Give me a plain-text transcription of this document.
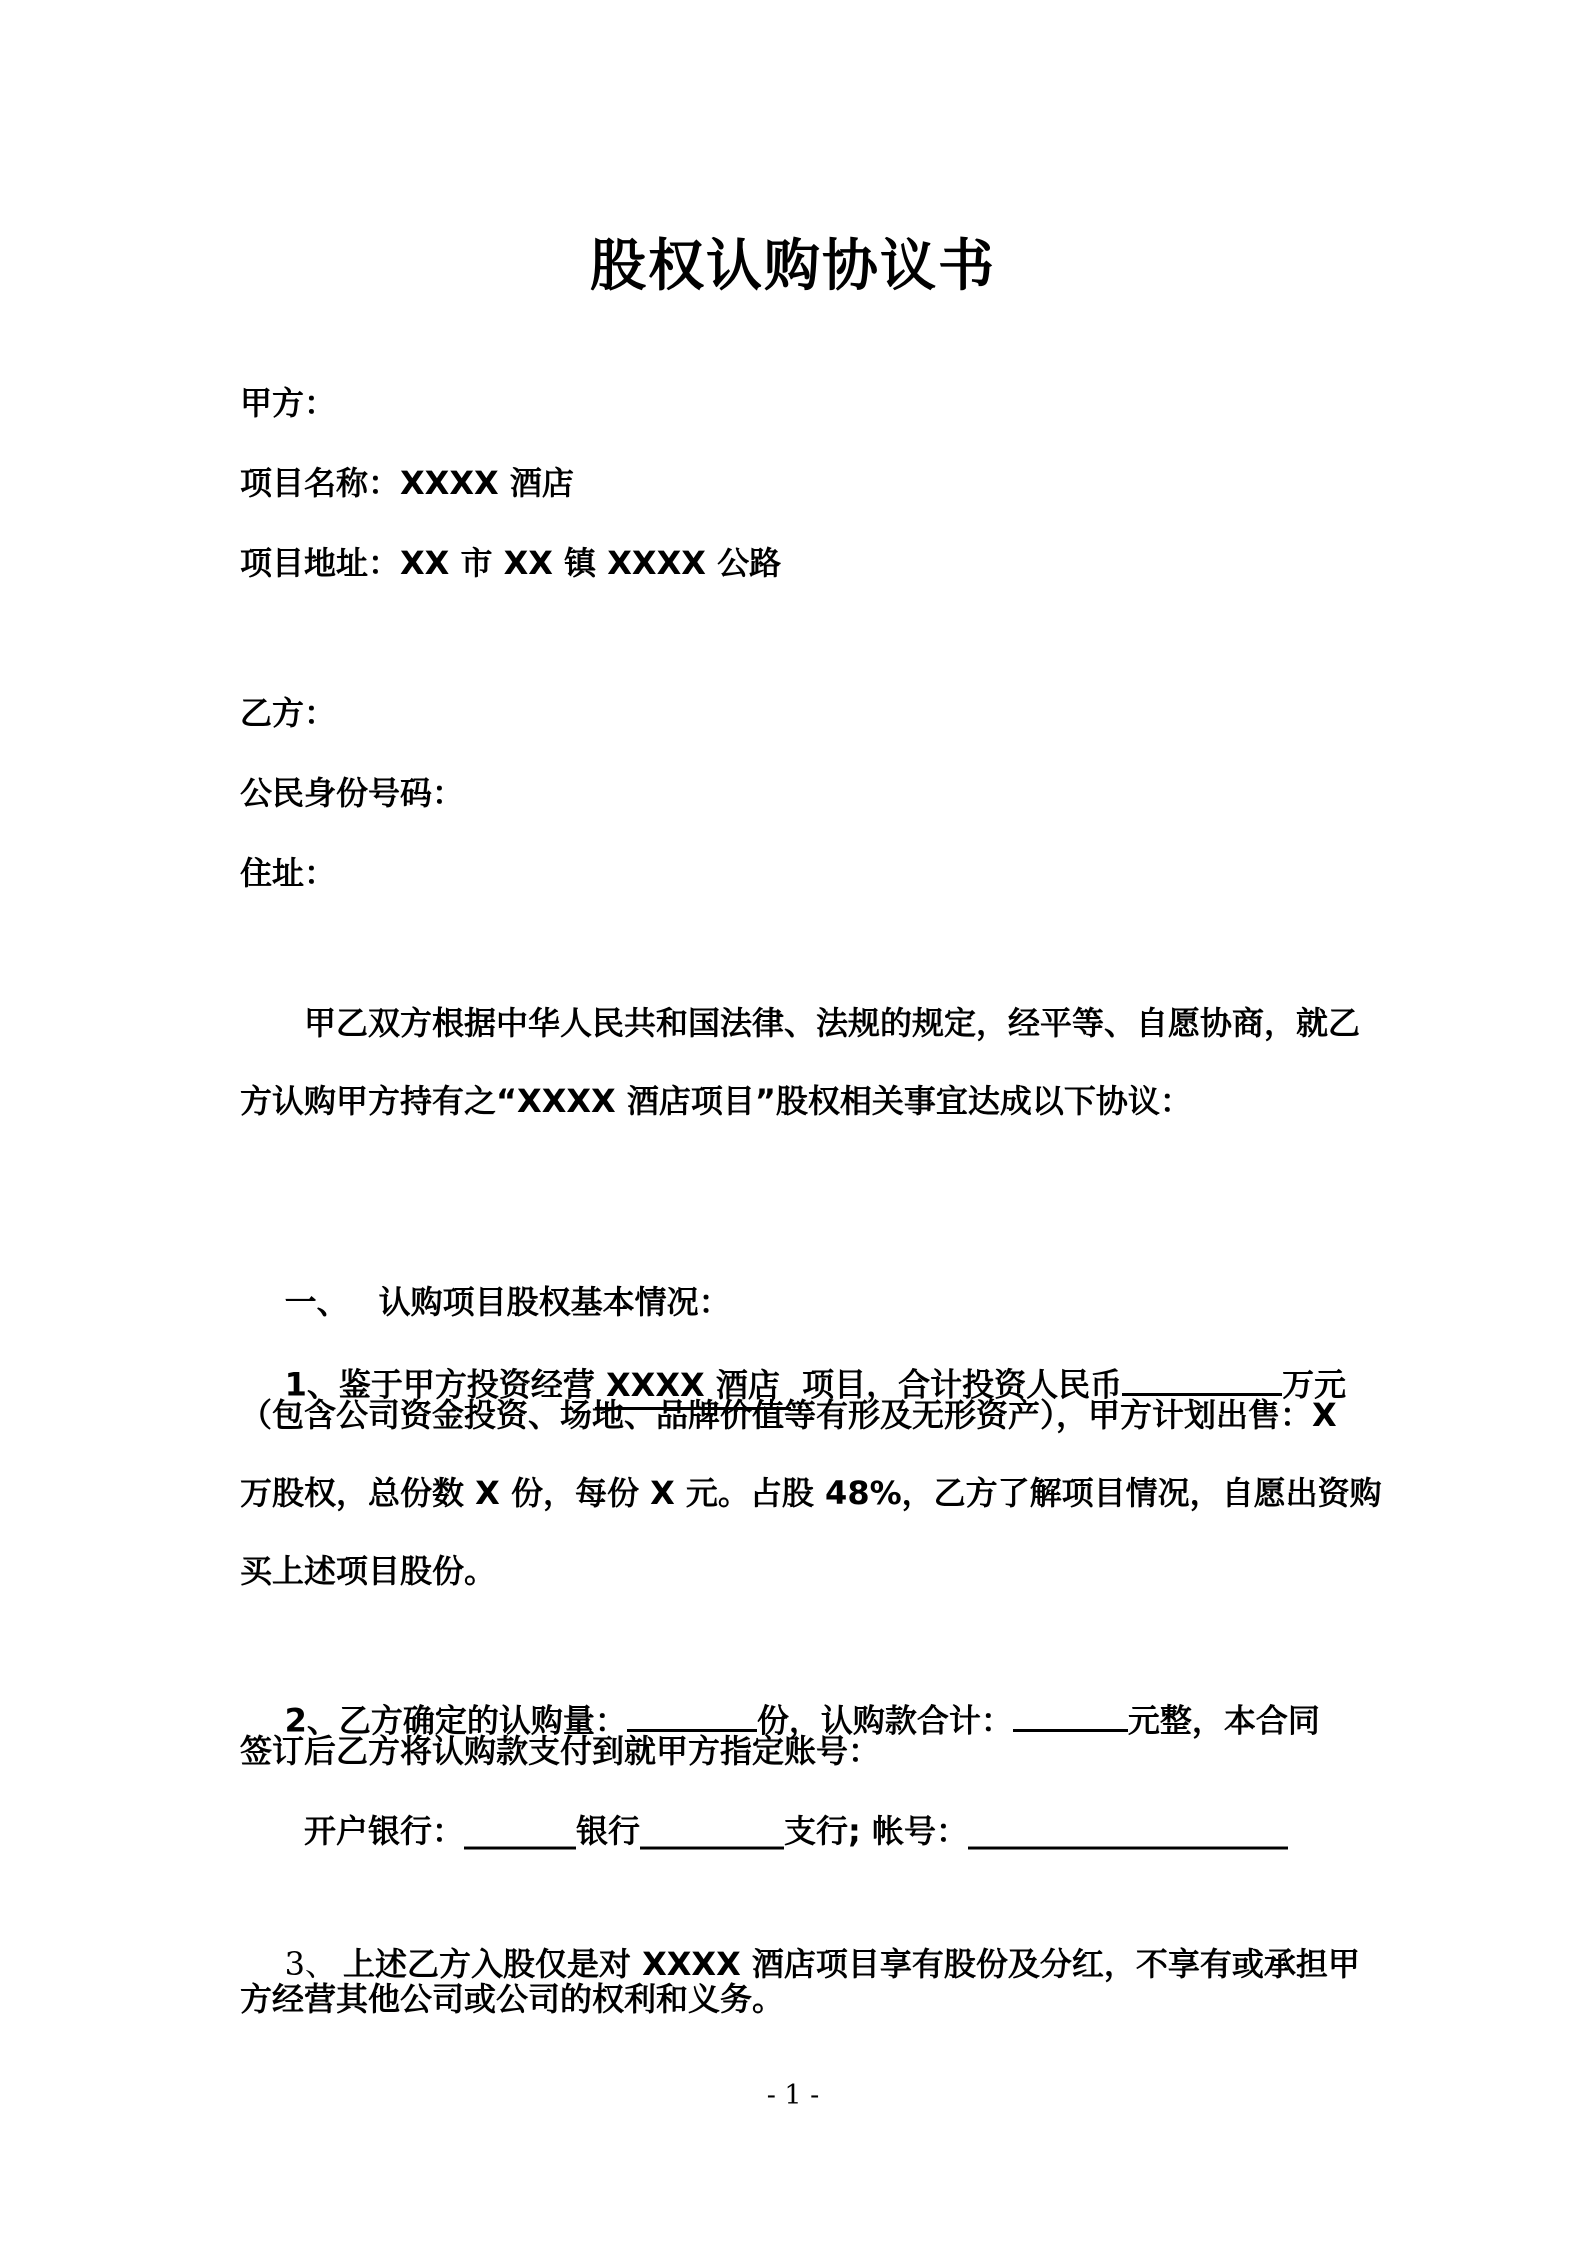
股权认购协议书
甲方：
项目名称：XXXX 酒店
项目地址：XX 市 XX 镇 XXXX 公路
乙方：
公民身份号码：
住址：
甲乙双方根据中华人民共和国法律、法规的规定，经平等、自愿协商，就乙
方认购甲方持有之“XXXX 酒店项目”股权相关事宜达成以下协议：

一、 认购项目股权基本情况：

1、鉴于甲方投资经营 XXXX 酒店  项目，合计投资人民币	万元

（包含公司资金投资、场地、品牌价值等有形及无形资产），甲方计划出售：X
万股权，总份数 X 份，每份 X 元。占股 48%，乙方了解项目情况，自愿出资购
买上述项目股份。

2、乙方确定的认购量：	份，认购款合计：	元整，本合同

签订后乙方将认购款支付到就甲方指定账号：
开户银行：_______银行_________支行; 帐号：____________________

3、 上述乙方入股仅是对 XXXX 酒店项目享有股份及分红，不享有或承担甲

方经营其他公司或公司的权利和义务。
- 1 -
